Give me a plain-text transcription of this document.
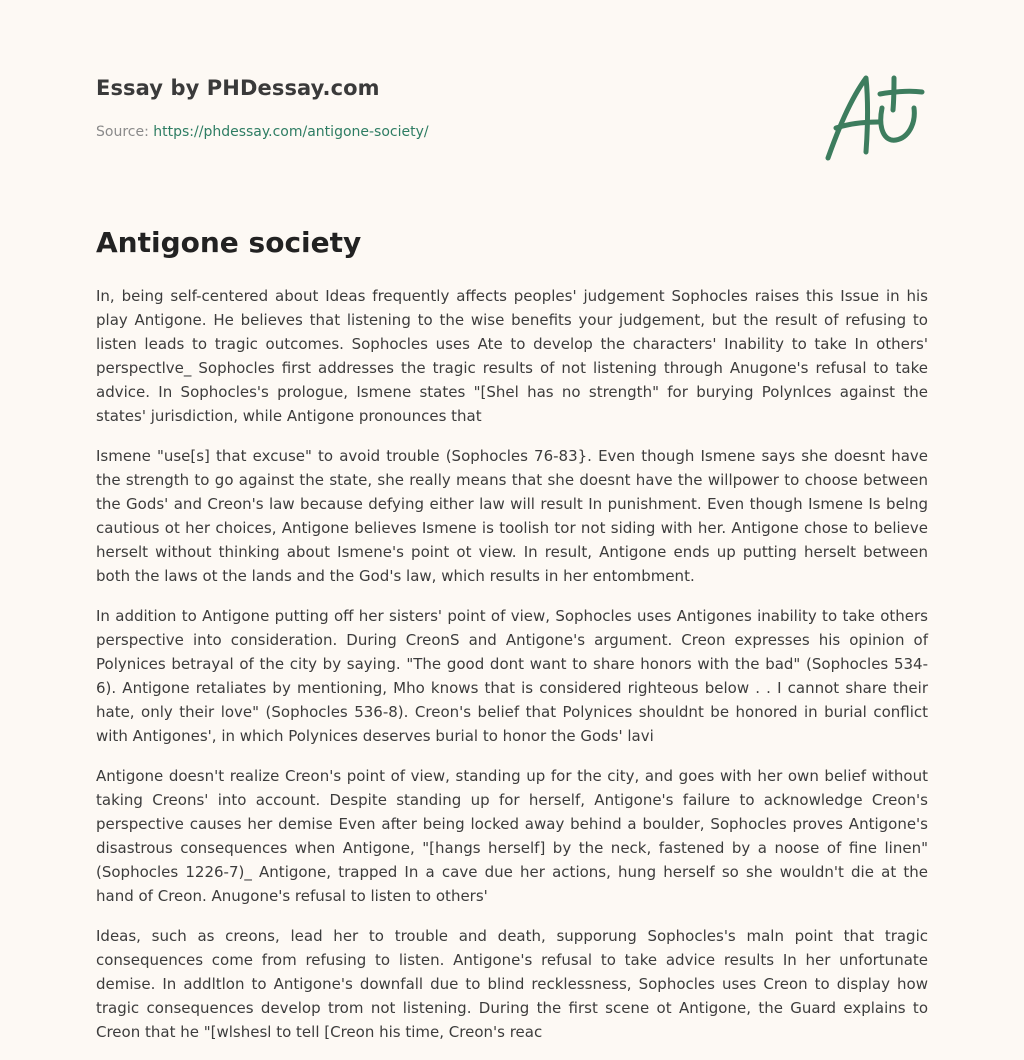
Essay by PHDessay.com
Source: https://phdessay.com/antigone-society/
Antigone society

In, being self-centered about Ideas frequently affects peoples' judgement Sophocles raises this Issue in his play Antigone. He believes that listening to the wise benefits your judgement, but the result of refusing to listen leads to tragic outcomes. Sophocles uses Ate to develop the characters' Inability to take In others' perspectlve_ Sophocles first addresses the tragic results of not listening through Anugone's refusal to take advice. In Sophocles's prologue, Ismene states "[Shel has no strength" for burying Polynlces against the states' jurisdiction, while Antigone pronounces that

Ismene "use[s] that excuse" to avoid trouble (Sophocles 76-83}. Even though Ismene says she doesnt have the strength to go against the state, she really means that she doesnt have the willpower to choose between the Gods' and Creon's law because defying either law will result In punishment. Even though Ismene Is belng cautious ot her choices, Antigone believes Ismene is toolish tor not siding with her. Antigone chose to believe herselt without thinking about Ismene's point ot view. In result, Antigone ends up putting herselt between both the laws ot the lands and the God's law, which results in her entombment.

In addition to Antigone putting off her sisters' point of view, Sophocles uses Antigones inability to take others perspective into consideration. During CreonS and Antigone's argument. Creon expresses his opinion of Polynices betrayal of the city by saying. "The good dont want to share honors with the bad" (Sophocles 534-6). Antigone retaliates by mentioning, Mho knows that is considered righteous below . . I cannot share their hate, only their love" (Sophocles 536-8). Creon's belief that Polynices shouldnt be honored in burial conflict with Antigones', in which Polynices deserves burial to honor the Gods' lavi

Antigone doesn't realize Creon's point of view, standing up for the city, and goes with her own belief without taking Creons' into account. Despite standing up for herself, Antigone's failure to acknowledge Creon's perspective causes her demise Even after being locked away behind a boulder, Sophocles proves Antigone's disastrous consequences when Antigone, "[hangs herself] by the neck, fastened by a noose of fine linen" (Sophocles 1226-7)_ Antigone, trapped In a cave due her actions, hung herself so she wouldn't die at the hand of Creon. Anugone's refusal to listen to others'

Ideas, such as creons, lead her to trouble and death, supporung Sophocles's maln point that tragic consequences come from refusing to listen. Antigone's refusal to take advice results In her unfortunate demise. In addltlon to Antigone's downfall due to blind recklessness, Sophocles uses Creon to display how tragic consequences develop trom not listening. During the first scene ot Antigone, the Guard explains to Creon that he "[wlshesl to tell [Creon his time, Creon's reac
